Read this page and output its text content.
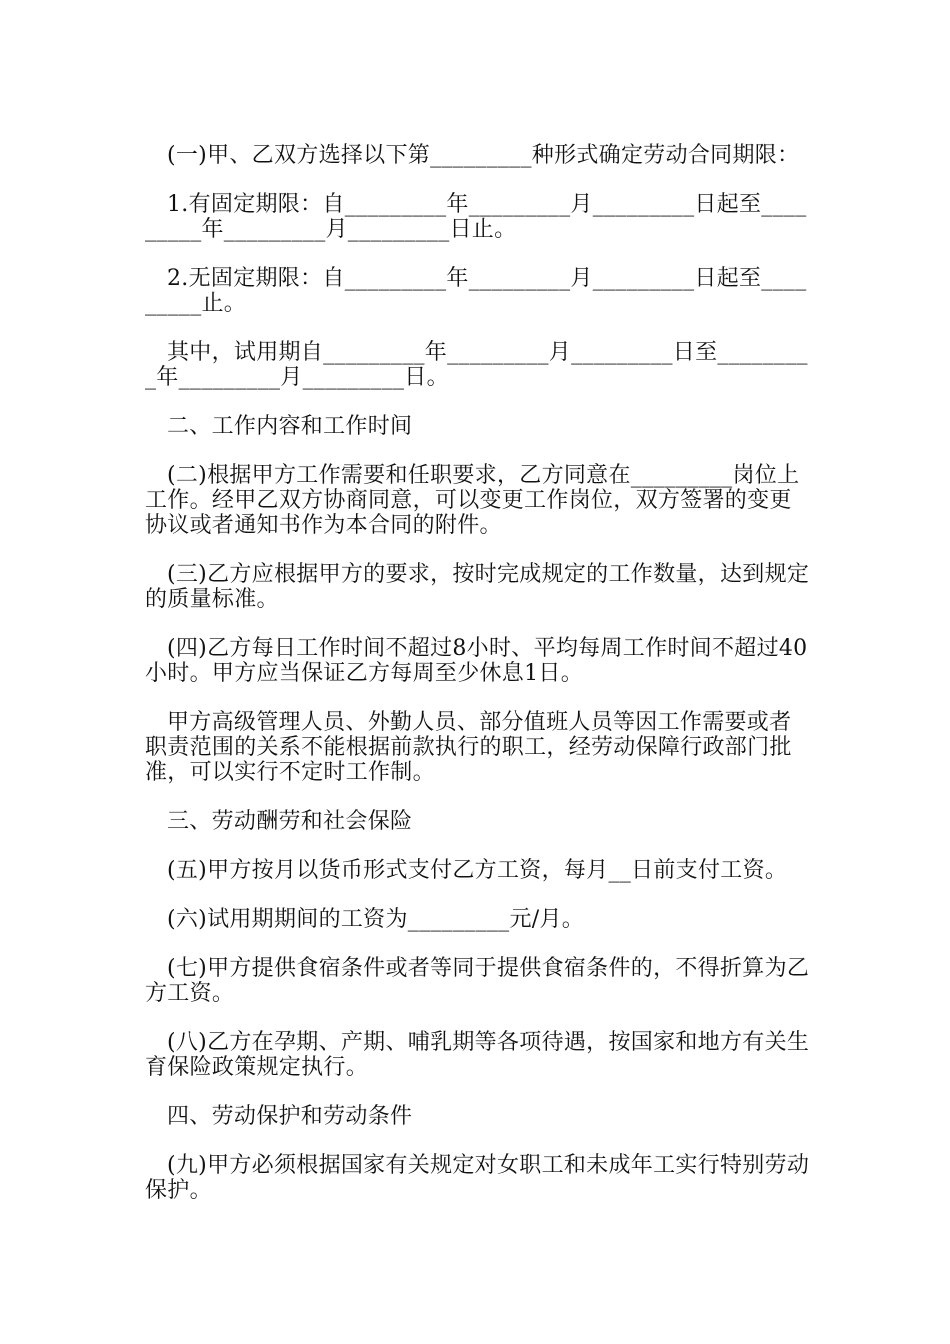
(一)甲、乙双方选择以下第_________种形式确定劳动合同期限：

1.有固定期限：自_________年_________月_________日起至_________年_________月_________日止。

2.无固定期限：自_________年_________月_________日起至_________止。

其中，试用期自_________年_________月_________日至_________年_________月_________日。

二、工作内容和工作时间

(二)根据甲方工作需要和任职要求，乙方同意在_________岗位上工作。经甲乙双方协商同意，可以变更工作岗位，双方签署的变更协议或者通知书作为本合同的附件。

(三)乙方应根据甲方的要求，按时完成规定的工作数量，达到规定的质量标准。

(四)乙方每日工作时间不超过8小时、平均每周工作时间不超过40小时。甲方应当保证乙方每周至少休息1日。

甲方高级管理人员、外勤人员、部分值班人员等因工作需要或者职责范围的关系不能根据前款执行的职工，经劳动保障行政部门批准，可以实行不定时工作制。

三、劳动酬劳和社会保险

(五)甲方按月以货币形式支付乙方工资，每月__日前支付工资。

(六)试用期期间的工资为_________元/月。

(七)甲方提供食宿条件或者等同于提供食宿条件的，不得折算为乙方工资。

(八)乙方在孕期、产期、哺乳期等各项待遇，按国家和地方有关生育保险政策规定执行。

四、劳动保护和劳动条件

(九)甲方必须根据国家有关规定对女职工和未成年工实行特别劳动保护。
